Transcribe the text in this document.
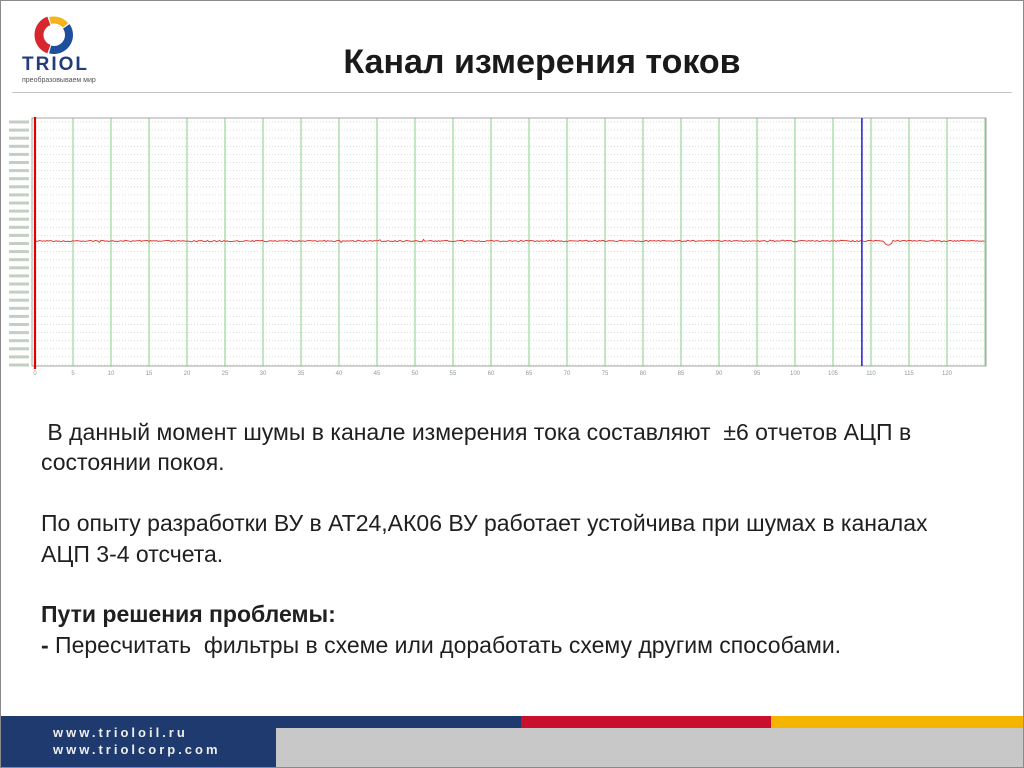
TRIOL
преобразовываем мир	Канал измерения токов
0	5	10	15	20	25	30	35	40	45	50	55	60	65	70	75	80	85	90	95	100	105	110	115	120

В данный момент шумы в канале измерения тока составляют  ±6 отчетов АЦП в
состоянии покоя.

По опыту разработки ВУ в АТ24,АК06 ВУ работает устойчива при шумах в каналах
АЦП 3-4 отсчета.

Пути решения проблемы:
- Пересчитать  фильтры в схеме или доработать схему другим способами.

www.trioloil.ru
www.triolcorp.com
